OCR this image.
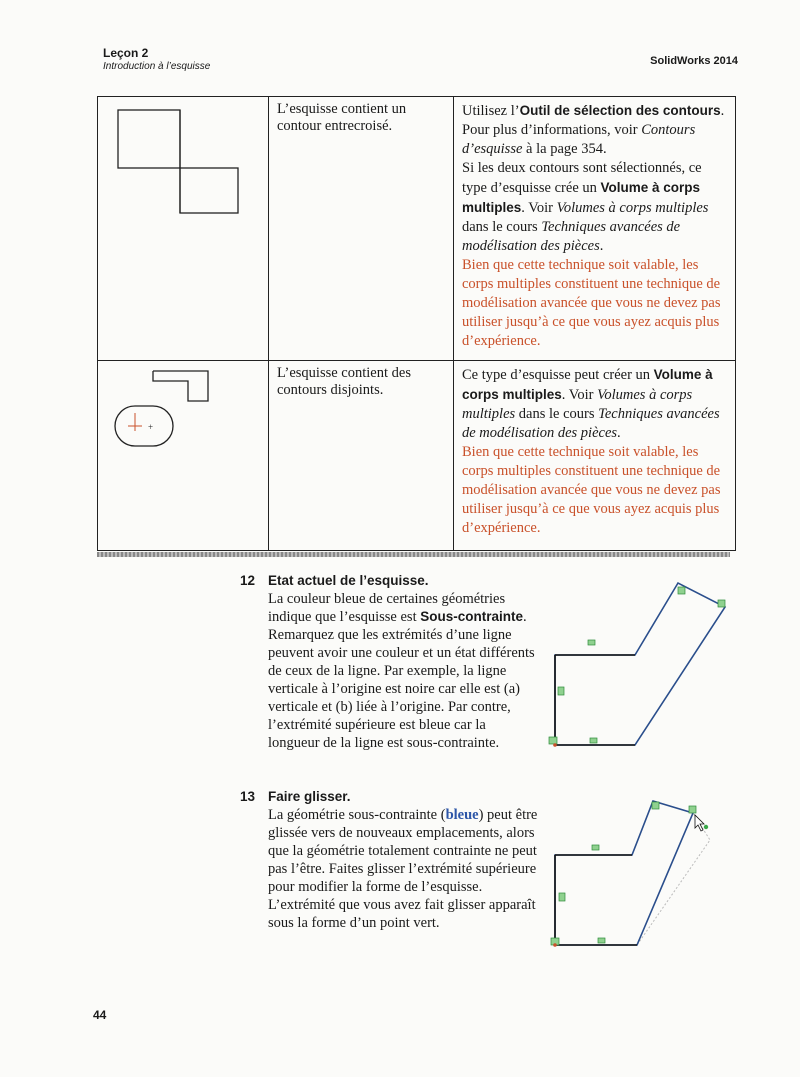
Leçon 2
Introduction à l’esquisse	SolidWorks 2014
	L’esquisse contient un contour entrecroisé.	Utilisez l’Outil de sélection des contours. Pour plus d’informations, voir Contours d’esquisse à la page 354.
Si les deux contours sont sélectionnés, ce type d’esquisse crée un Volume à corps multiples. Voir Volumes à corps multiples dans le cours Techniques avancées de modélisation des pièces.
Bien que cette technique soit valable, les corps multiples constituent une technique de modélisation avancée que vous ne devez pas utiliser jusqu’à ce que vous ayez acquis plus d’expérience.

+	L’esquisse contient des contours disjoints.	Ce type d’esquisse peut créer un Volume à corps multiples. Voir Volumes à corps multiples dans le cours Techniques avancées de modélisation des pièces.
Bien que cette technique soit valable, les corps multiples constituent une technique de modélisation avancée que vous ne devez pas utiliser jusqu’à ce que vous ayez acquis plus d’expérience.
12 Etat actuel de l’esquisse.
La couleur bleue de certaines géométries indique que l’esquisse est Sous-contrainte. Remarquez que les extrémités d’une ligne peuvent avoir une couleur et un état différents de ceux de la ligne. Par exemple, la ligne verticale à l’origine est noire car elle est (a) verticale et (b) liée à l’origine. Par contre, l’extrémité supérieure est bleue car la longueur de la ligne est sous-contrainte.
13 Faire glisser.
La géométrie sous-contrainte (bleue) peut être glissée vers de nouveaux emplacements, alors que la géométrie totalement contrainte ne peut pas l’être. Faites glisser l’extrémité supérieure pour modifier la forme de l’esquisse. L’extrémité que vous avez fait glisser apparaît sous la forme d’un point vert.
44
